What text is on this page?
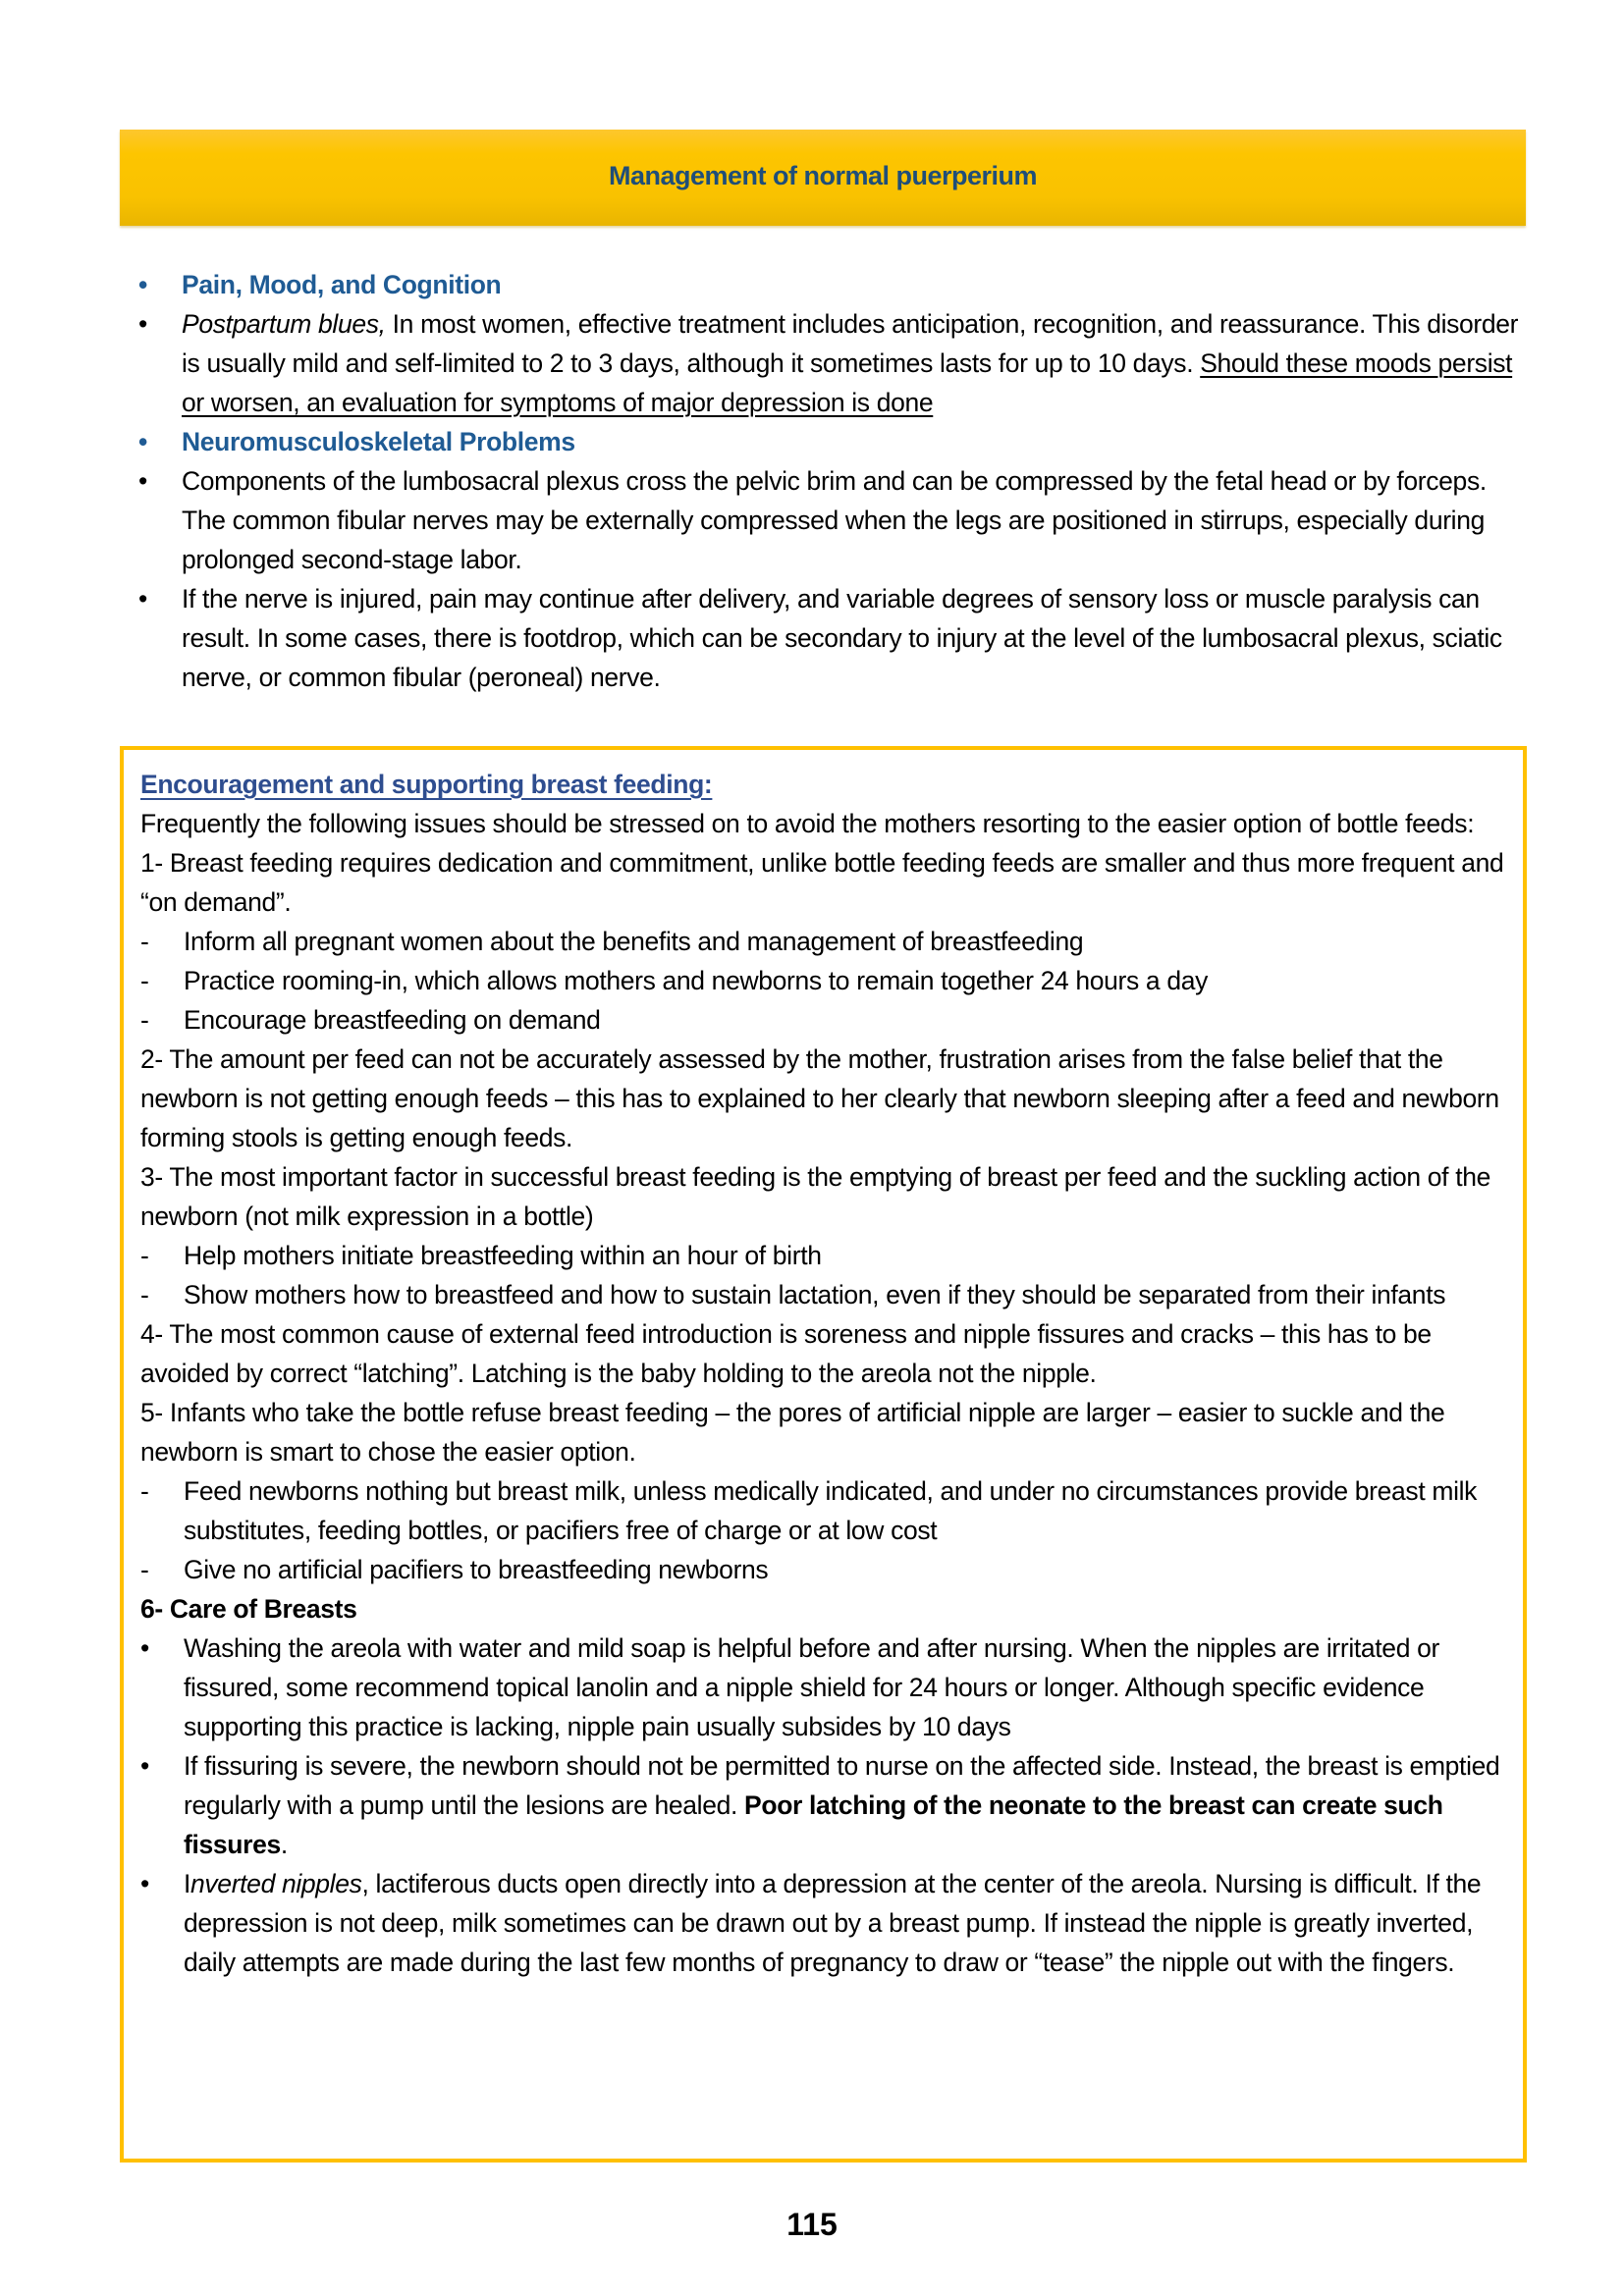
Management of normal puerperium
•	Pain, Mood, and Cognition
•	Postpartum blues, In most women, effective treatment includes anticipation, recognition, and reassurance. This disorder is usually mild and self-limited to 2 to 3 days, although it sometimes lasts for up to 10 days. Should these moods persist or worsen, an evaluation for symptoms of major depression is done
•	Neuromusculoskeletal Problems
•	Components of the lumbosacral plexus cross the pelvic brim and can be compressed by the fetal head or by forceps. The common fibular nerves may be externally compressed when the legs are positioned in stirrups, especially during prolonged second-stage labor.
•	If the nerve is injured, pain may continue after delivery, and variable degrees of sensory loss or muscle paralysis can result. In some cases, there is footdrop, which can be secondary to injury at the level of the lumbosacral plexus, sciatic nerve, or common fibular (peroneal) nerve.
Encouragement and supporting breast feeding:
Frequently the following issues should be stressed on to avoid the mothers resorting to the easier option of bottle feeds:
1- Breast feeding requires dedication and commitment, unlike bottle feeding feeds are smaller and thus more frequent and “on demand”.
-	Inform all pregnant women about the benefits and management of breastfeeding
-	Practice rooming-in, which allows mothers and newborns to remain together 24 hours a day
-	Encourage breastfeeding on demand
2- The amount per feed can not be accurately assessed by the mother, frustration arises from the false belief that the newborn is not getting enough feeds – this has to explained to her clearly that newborn sleeping after a feed and newborn forming stools is getting enough feeds.
3- The most important factor in successful breast feeding is the emptying of breast per feed and the suckling action of the newborn (not milk expression in a bottle)
-	Help mothers initiate breastfeeding within an hour of birth
-	Show mothers how to breastfeed and how to sustain lactation, even if they should be separated from their infants
4- The most common cause of external feed introduction is soreness and nipple fissures and cracks – this has to be avoided by correct “latching”. Latching is the baby holding to the areola not the nipple.
5- Infants who take the bottle refuse breast feeding – the pores of artificial nipple are larger – easier to suckle and the newborn is smart to chose the easier option.
-	Feed newborns nothing but breast milk, unless medically indicated, and under no circumstances provide breast milk substitutes, feeding bottles, or pacifiers free of charge or at low cost
-	Give no artificial pacifiers to breastfeeding newborns
6- Care of Breasts
•	Washing the areola with water and mild soap is helpful before and after nursing. When the nipples are irritated or fissured, some recommend topical lanolin and a nipple shield for 24 hours or longer. Although specific evidence supporting this practice is lacking, nipple pain usually subsides by 10 days
•	If fissuring is severe, the newborn should not be permitted to nurse on the affected side. Instead, the breast is emptied regularly with a pump until the lesions are healed. Poor latching of the neonate to the breast can create such fissures.
•	Inverted nipples, lactiferous ducts open directly into a depression at the center of the areola. Nursing is difficult. If the depression is not deep, milk sometimes can be drawn out by a breast pump. If instead the nipple is greatly inverted, daily attempts are made during the last few months of pregnancy to draw or “tease” the nipple out with the fingers.
115
